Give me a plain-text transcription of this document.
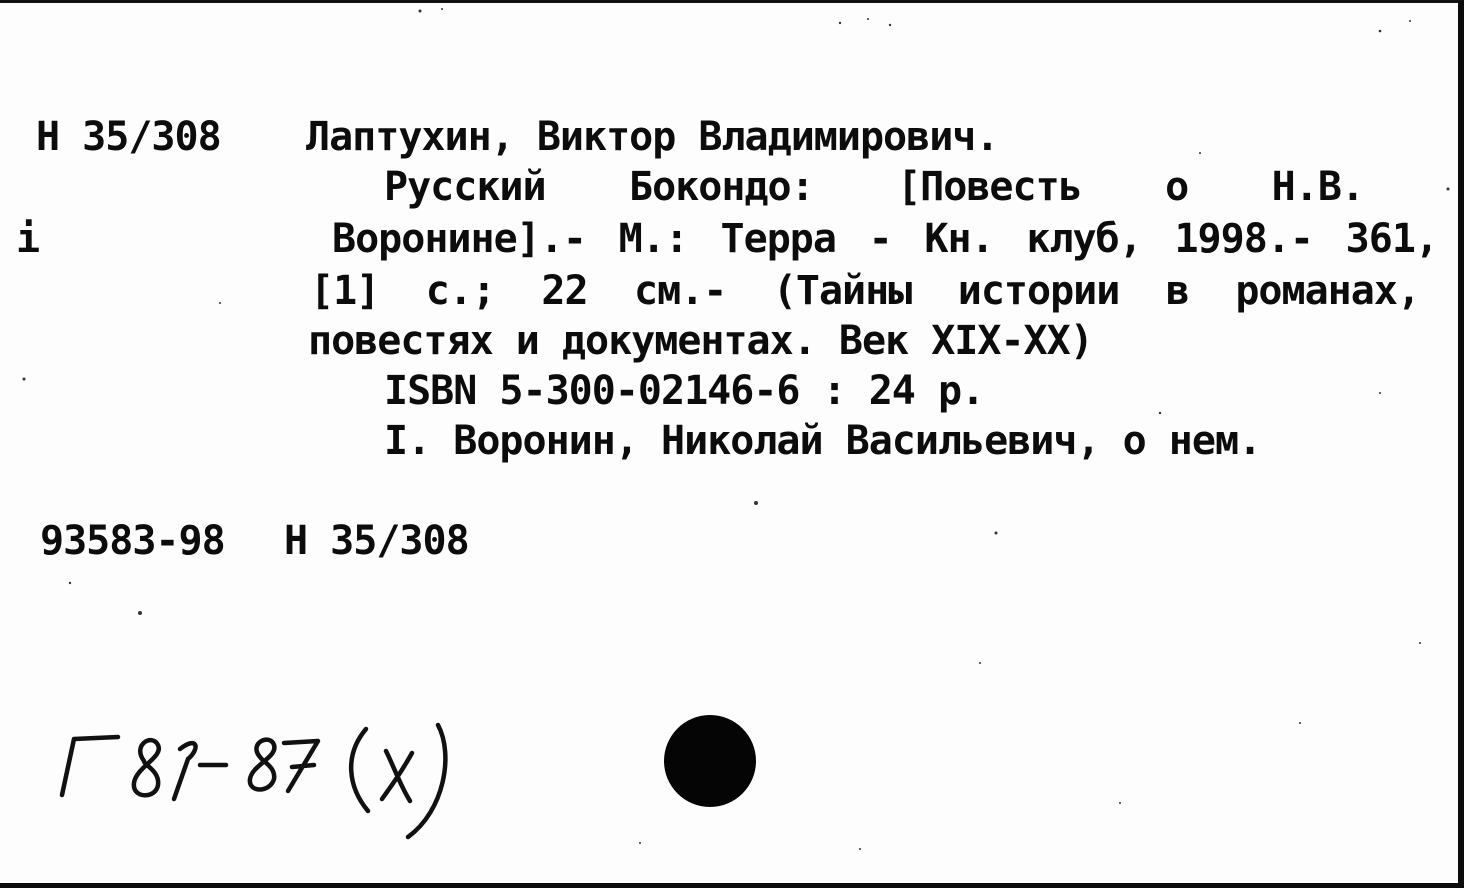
Н 35/308
i
Лаптухин, Виктор Владимирович.
Русский Бокондо: [Повесть о Н.В.
Воронине].- М.: Терра - Кн. клуб, 1998.- 361,
[1] с.; 22 см.- (Тайны истории в романах,
повестях и документах. Век XIX-XX)
ISBN 5-300-02146-6 : 24 р.
I. Воронин, Николай Васильевич, о нем.
93583-98 Н 35/308
